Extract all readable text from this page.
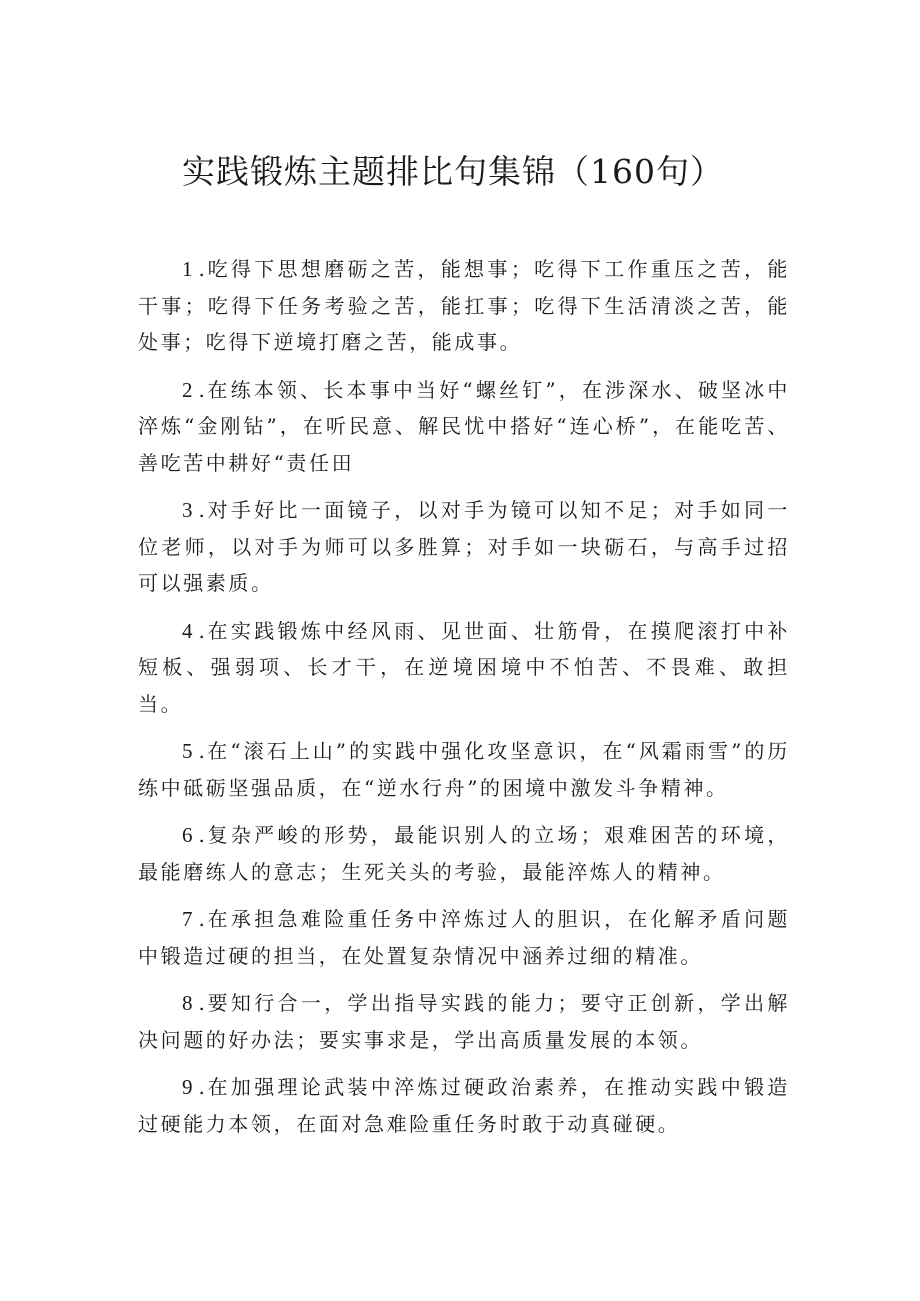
实践锻炼主题排比句集锦（160句）

1 . 吃得下思想磨砺之苦，能想事；吃得下工作重压之苦，能干事；吃得下任务考验之苦，能扛事；吃得下生活清淡之苦，能处事；吃得下逆境打磨之苦，能成事。

2 . 在练本领、长本事中当好“螺丝钉”，在涉深水、破坚冰中淬炼“金刚钻”，在听民意、解民忧中搭好“连心桥”，在能吃苦、善吃苦中耕好“责任田

3 . 对手好比一面镜子，以对手为镜可以知不足；对手如同一位老师，以对手为师可以多胜算；对手如一块砺石，与高手过招可以强素质。

4 . 在实践锻炼中经风雨、见世面、壮筋骨，在摸爬滚打中补短板、强弱项、长才干，在逆境困境中不怕苦、不畏难、敢担当。

5 . 在“滚石上山”的实践中强化攻坚意识，在“风霜雨雪”的历练中砥砺坚强品质，在“逆水行舟”的困境中激发斗争精神。

6 . 复杂严峻的形势，最能识别人的立场；艰难困苦的环境，最能磨练人的意志；生死关头的考验，最能淬炼人的精神。

7 . 在承担急难险重任务中淬炼过人的胆识，在化解矛盾问题中锻造过硬的担当，在处置复杂情况中涵养过细的精准。

8 . 要知行合一，学出指导实践的能力；要守正创新，学出解决问题的好办法；要实事求是，学出高质量发展的本领。

9 . 在加强理论武装中淬炼过硬政治素养，在推动实践中锻造过硬能力本领，在面对急难险重任务时敢于动真碰硬。
